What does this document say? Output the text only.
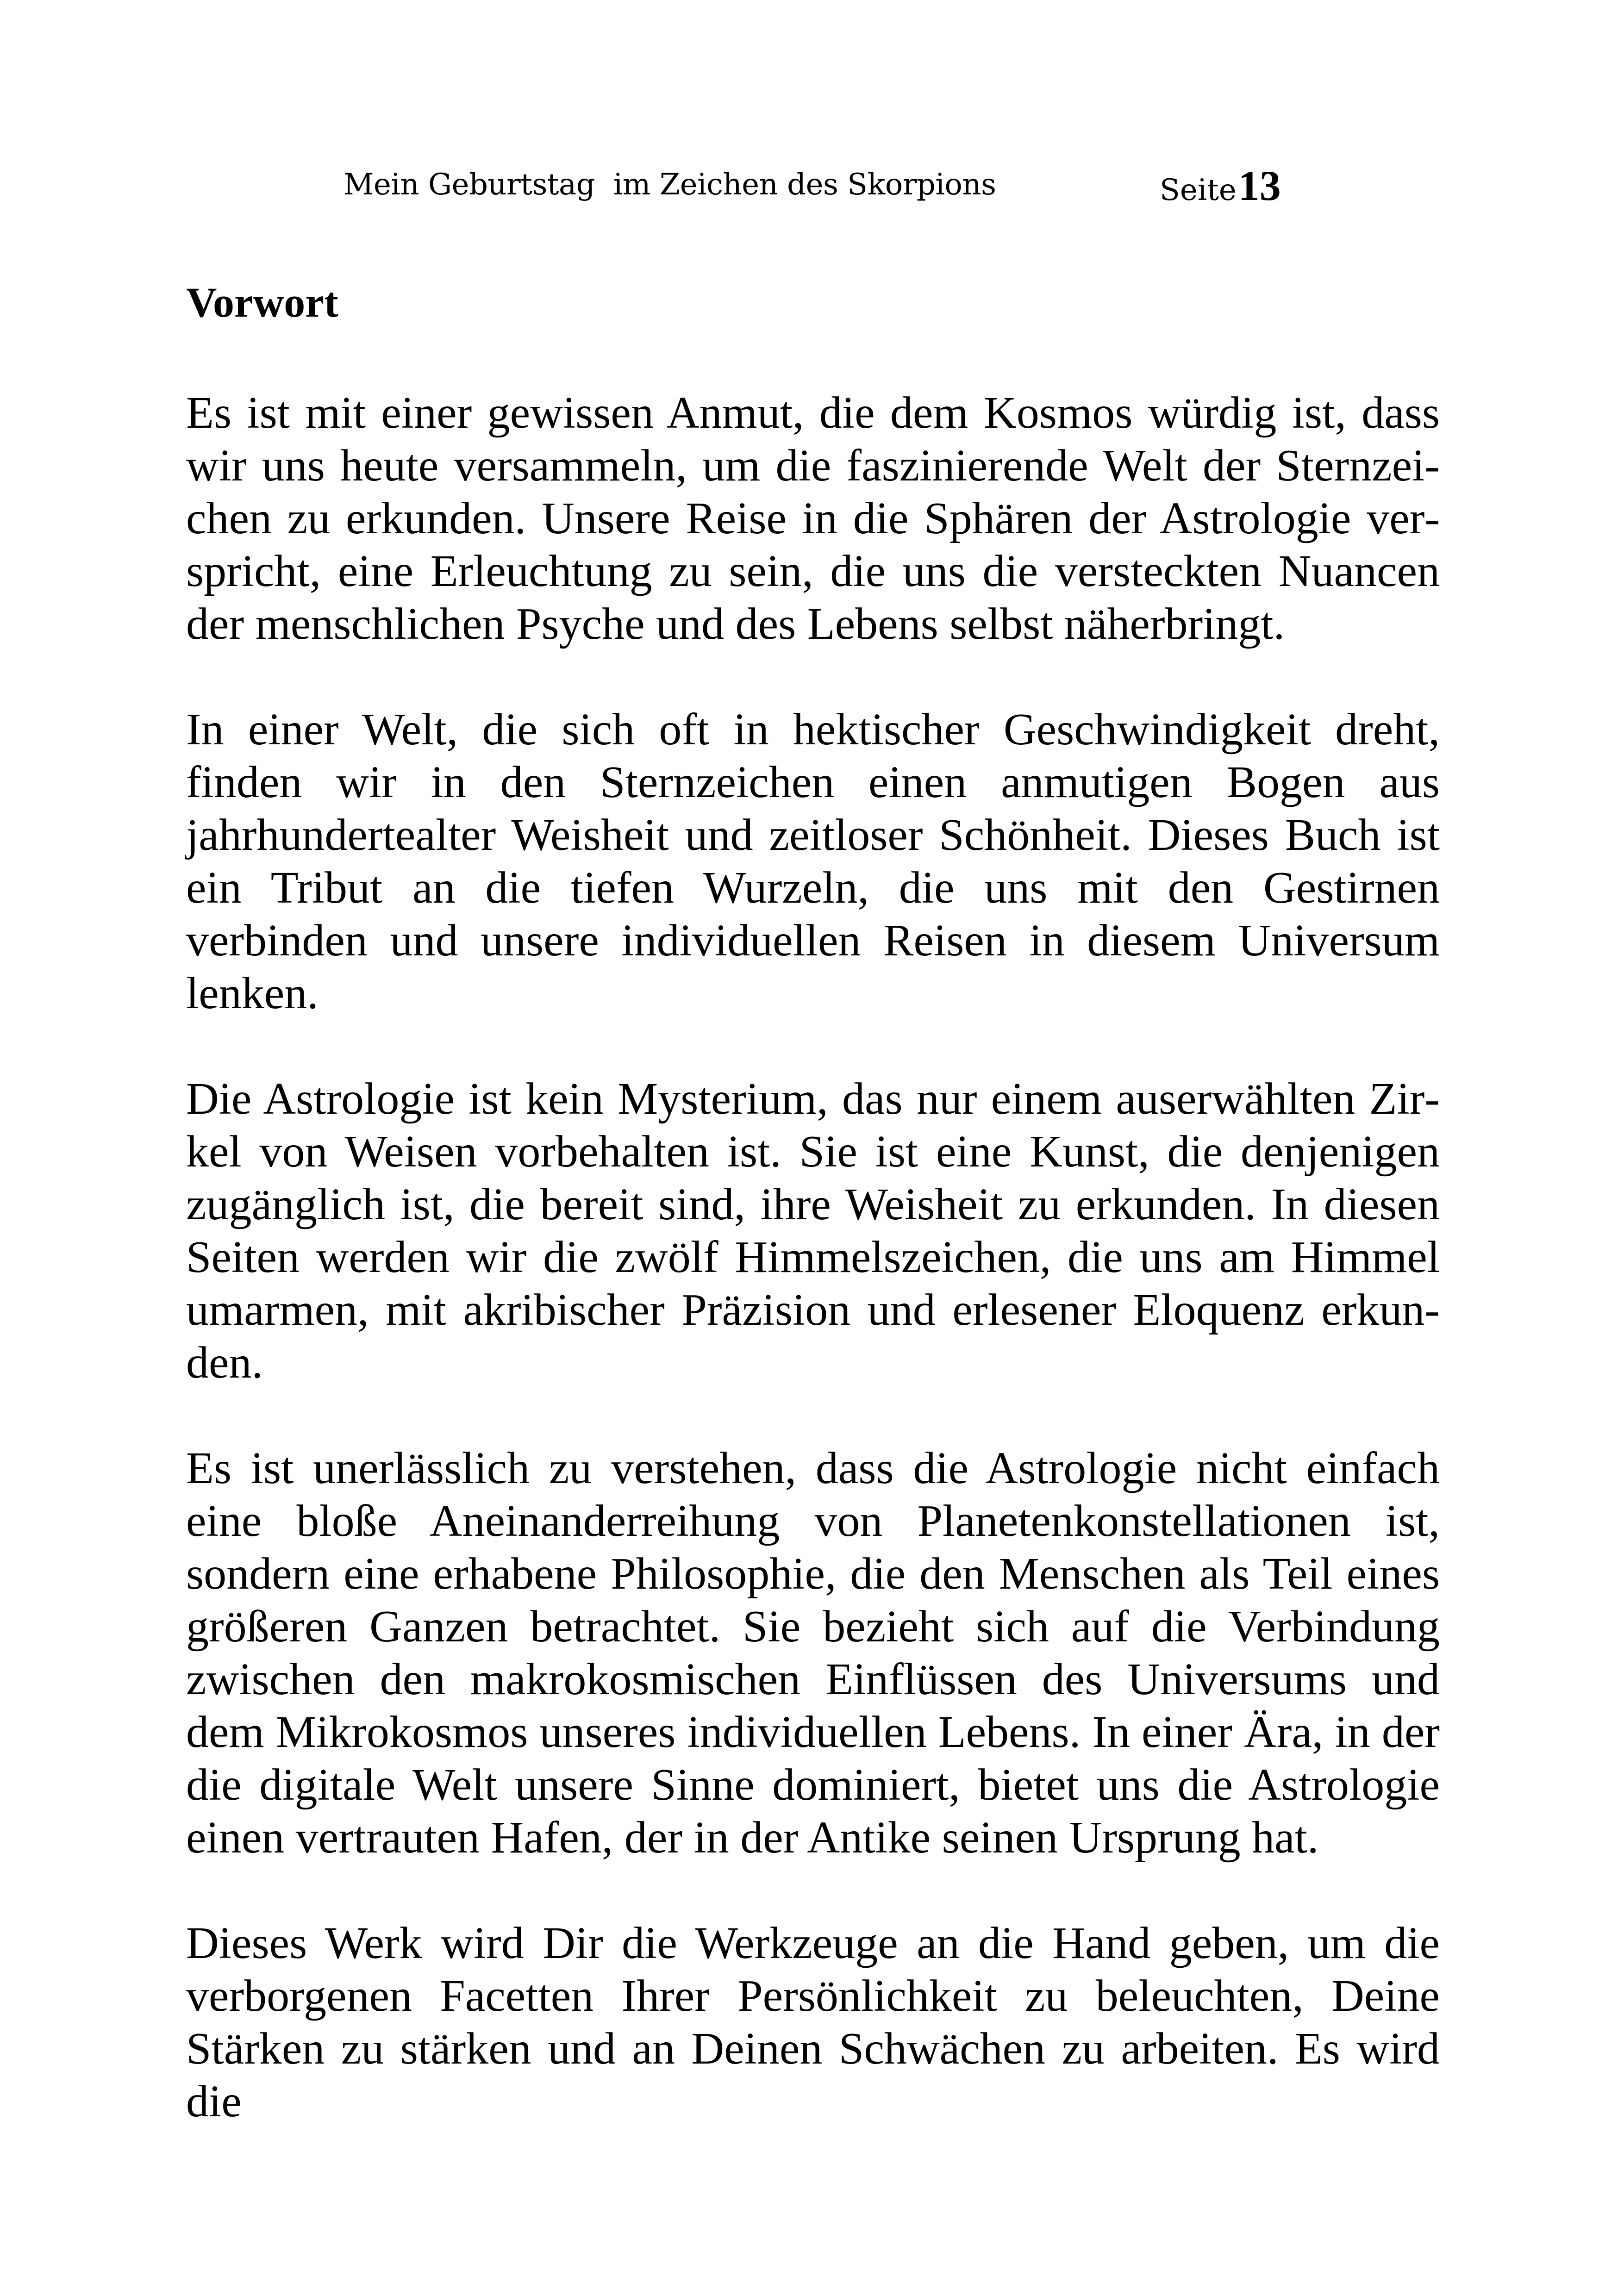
Mein Geburtstag  im Zeichen des Skorpions	Seite 13
Vorwort

Es ist mit einer gewissen Anmut, die dem Kosmos würdig ist, dass wir uns heute versammeln, um die faszinierende Welt der Sternzeichen zu erkunden. Unsere Reise in die Sphären der Astrologie verspricht, eine Erleuchtung zu sein, die uns die versteckten Nuancen der menschlichen Psyche und des Lebens selbst näherbringt.

In einer Welt, die sich oft in hektischer Geschwindigkeit dreht, finden wir in den Sternzeichen einen anmutigen Bogen aus jahrhundertealter Weisheit und zeitloser Schönheit. Dieses Buch ist ein Tribut an die tiefen Wurzeln, die uns mit den Gestirnen verbinden und unsere individuellen Reisen in diesem Universum lenken.

Die Astrologie ist kein Mysterium, das nur einem auserwählten Zirkel von Weisen vorbehalten ist. Sie ist eine Kunst, die denjenigen zugänglich ist, die bereit sind, ihre Weisheit zu erkunden. In diesen Seiten werden wir die zwölf Himmelszeichen, die uns am Himmel umarmen, mit akribischer Präzision und erlesener Eloquenz erkunden.

Es ist unerlässlich zu verstehen, dass die Astrologie nicht einfach eine bloße Aneinanderreihung von Planetenkonstellationen ist, sondern eine erhabene Philosophie, die den Menschen als Teil eines größeren Ganzen betrachtet. Sie bezieht sich auf die Verbindung zwischen den makrokosmischen Einflüssen des Universums und dem Mikrokosmos unseres individuellen Lebens. In einer Ära, in der die digitale Welt unsere Sinne dominiert, bietet uns die Astrologie einen vertrauten Hafen, der in der Antike seinen Ursprung hat.

Dieses Werk wird Dir die Werkzeuge an die Hand geben, um die verborgenen Facetten Ihrer Persönlichkeit zu beleuchten, Deine Stärken zu stärken und an Deinen Schwächen zu arbeiten. Es wird die
